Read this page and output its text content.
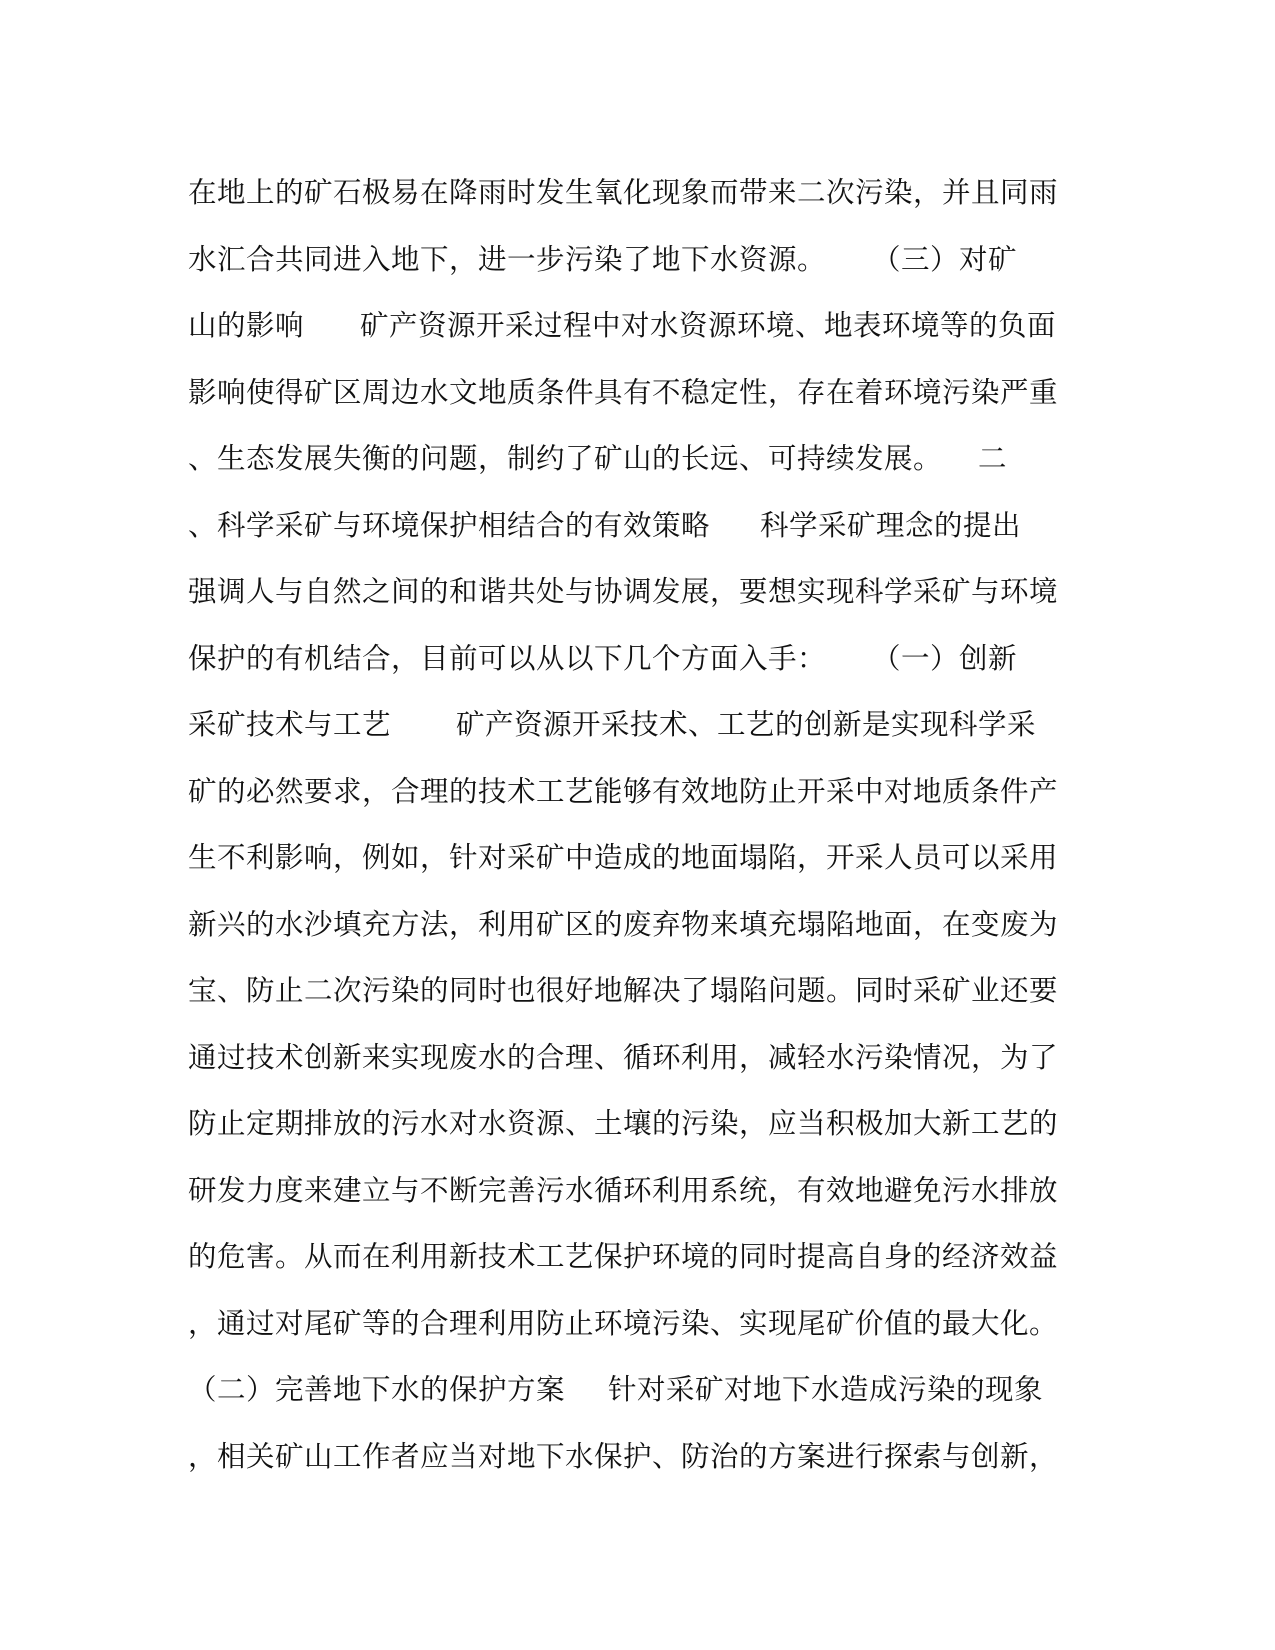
在地上的矿石极易在降雨时发生氧化现象而带来二次污染，并且同雨

水汇合共同进入地下，进一步污染了地下水资源。

（三）对矿

山的影响

矿产资源开采过程中对水资源环境、地表环境等的负面

影响使得矿区周边水文地质条件具有不稳定性，存在着环境污染严重

、生态发展失衡的问题，制约了矿山的长远、可持续发展。

二

、科学采矿与环境保护相结合的有效策略

科学采矿理念的提出

强调人与自然之间的和谐共处与协调发展，要想实现科学采矿与环境

保护的有机结合，目前可以从以下几个方面入手：

（一）创新

采矿技术与工艺

矿产资源开采技术、工艺的创新是实现科学采

矿的必然要求，合理的技术工艺能够有效地防止开采中对地质条件产

生不利影响，例如，针对采矿中造成的地面塌陷，开采人员可以采用

新兴的水沙填充方法，利用矿区的废弃物来填充塌陷地面，在变废为

宝、防止二次污染的同时也很好地解决了塌陷问题。同时采矿业还要

通过技术创新来实现废水的合理、循环利用，减轻水污染情况，为了

防止定期排放的污水对水资源、土壤的污染，应当积极加大新工艺的

研发力度来建立与不断完善污水循环利用系统，有效地避免污水排放

的危害。从而在利用新技术工艺保护环境的同时提高自身的经济效益

，通过对尾矿等的合理利用防止环境污染、实现尾矿价值的最大化。

（二）完善地下水的保护方案

针对采矿对地下水造成污染的现象

，相关矿山工作者应当对地下水保护、防治的方案进行探索与创新，
